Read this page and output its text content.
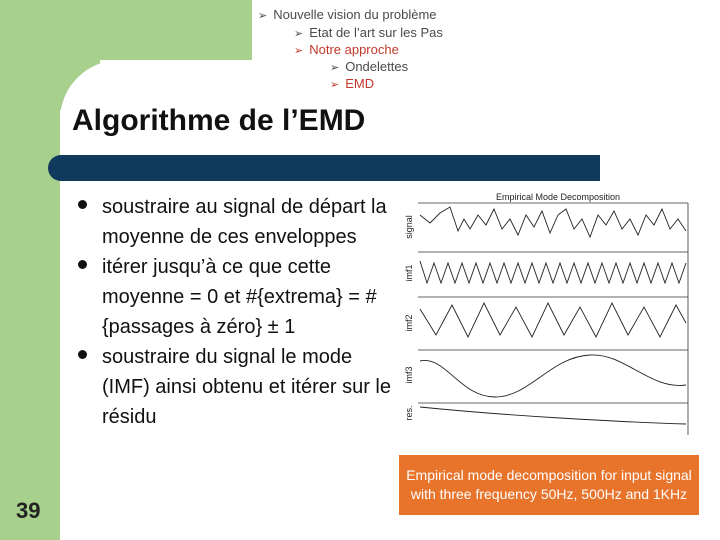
➢ Nouvelle vision du problème
➢ Etat de l’art sur les Pas
➢ Notre approche
➢ Ondelettes
➢ EMD
Algorithme de l’EMD
soustraire au signal de départ la moyenne de ces enveloppes
itérer jusqu’à ce que cette moyenne = 0 et #{extrema} = #{passages à zéro} ± 1
soustraire du signal le mode (IMF) ainsi obtenu et itérer sur le résidu
39
Empirical Mode Decomposition
signal
imf1
imf2
imf3
res.
Empirical mode decomposition for input signal with three frequency 50Hz, 500Hz and 1KHz
